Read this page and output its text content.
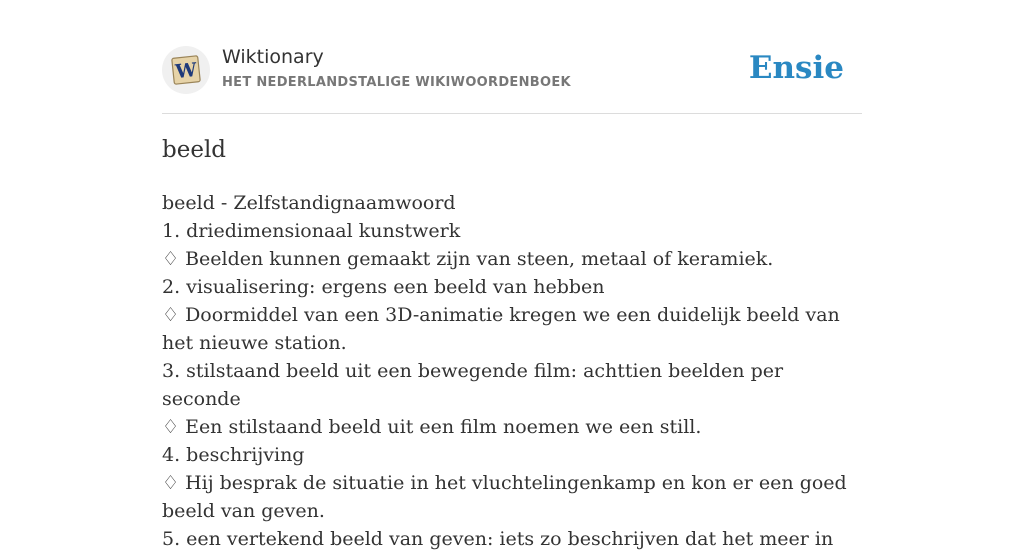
W
Wiktionary
HET NEDERLANDSTALIGE WIKIWOORDENBOEK	Ensie
beeld
beeld - Zelfstandignaamwoord
1. driedimensionaal kunstwerk
♢ Beelden kunnen gemaakt zijn van steen, metaal of keramiek.
2. visualisering: ergens een beeld van hebben
♢ Doormiddel van een 3D-animatie kregen we een duidelijk beeld van het nieuwe station.
3. stilstaand beeld uit een bewegende film: achttien beelden per seconde
♢ Een stilstaand beeld uit een film noemen we een still.
4. beschrijving
♢ Hij besprak de situatie in het vluchtelingenkamp en kon er een goed beeld van geven.
5. een vertekend beeld van geven: iets zo beschrijven dat het meer in
